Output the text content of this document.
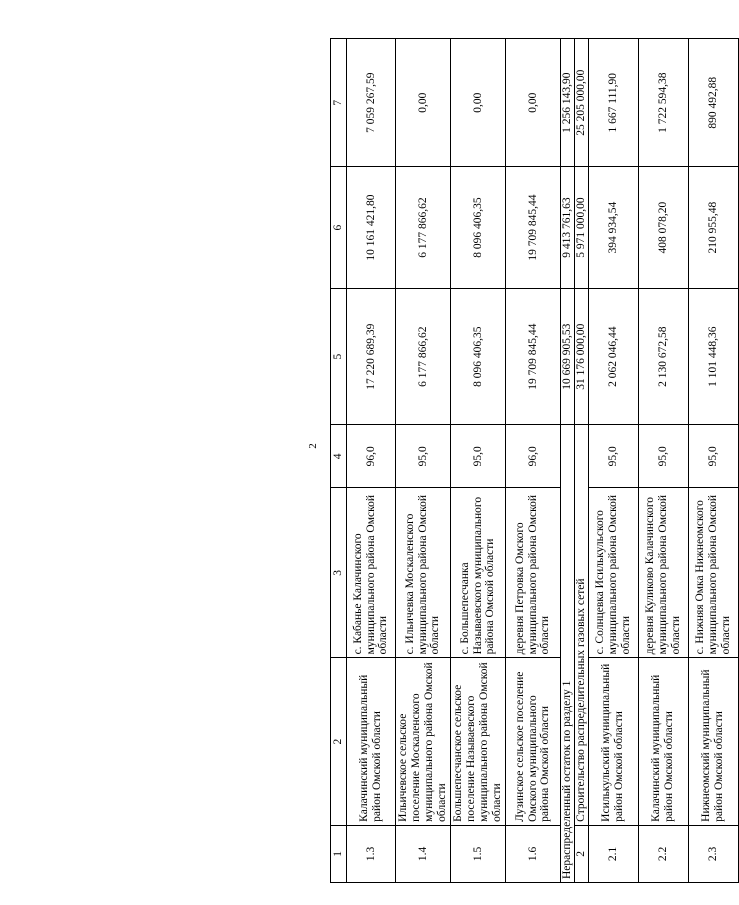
2
1	2	3	4	5	6	7
1.3	Калачинский муниципальный район Омской области	с. Кабанье Калачинского муниципального района Омской области	96,0	17 220 689,39	10 161 421,80	7 059 267,59
1.4	Ильичевское сельское поселение Москаленского муниципального района Омской области	с. Ильичевка Москаленского муниципального района Омской области	95,0	6 177 866,62	6 177 866,62	0,00
1.5	Большепесчанское сельское поселение Называевского муниципального района Омской области	с. Большепесчанка Называевского муниципального района Омской области	95,0	8 096 406,35	8 096 406,35	0,00
1.6	Лузинское сельское поселение Омского муниципального района Омской области	деревня Петровка Омского муниципального района Омской области	96,0	19 709 845,44	19 709 845,44	0,00
Нераспределенный остаток по разделу 1				10 669 905,53	9 413 761,63	1 256 143,90
2	Строительство распределительных газовых сетей			31 176 000,00	5 971 000,00	25 205 000,00
2.1	Исилькульский муниципальный район Омской области	с. Солнцевка Исилькульского муниципального района Омской области	95,0	2 062 046,44	394 934,54	1 667 111,90
2.2	Калачинский муниципальный район Омской области	деревня Куликово Калачинского муниципального района Омской области	95,0	2 130 672,58	408 078,20	1 722 594,38
2.3	Нижнеомский муниципальный район Омской области	с. Нижняя Омка Нижнеомского муниципального района Омской области	95,0	1 101 448,36	210 955,48	890 492,88
